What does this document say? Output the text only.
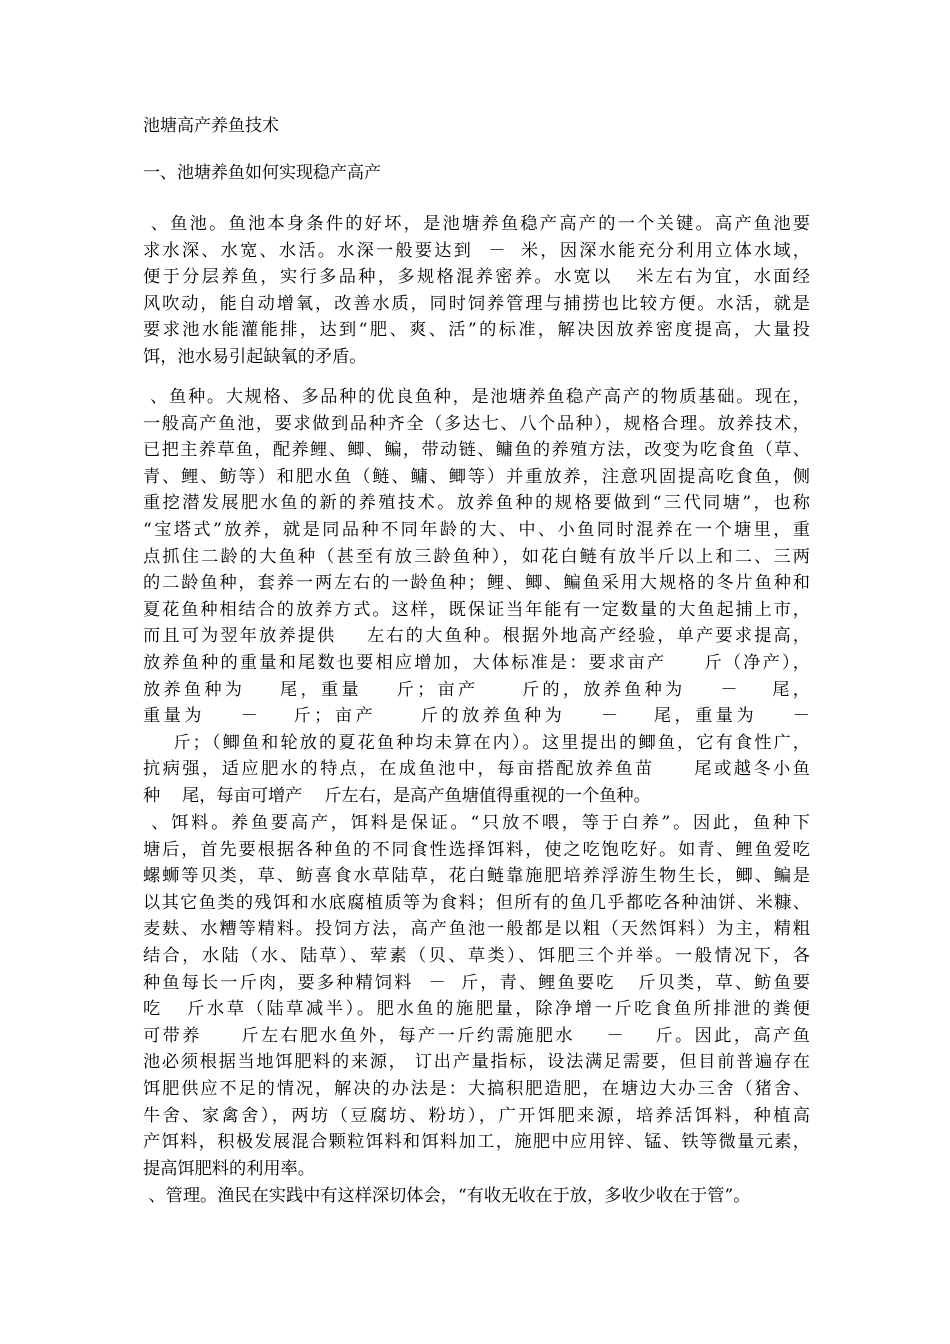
池塘高产养鱼技术
一、池塘养鱼如何实现稳产高产
、鱼池。鱼池本身条件的好坏，是池塘养鱼稳产高产的一个关键。高产鱼池要
求水深、水宽、水活。水深一般要达到  －  米，因深水能充分利用立体水域，
便于分层养鱼，实行多品种，多规格混养密养。水宽以   米左右为宜，水面经
风吹动，能自动增氧，改善水质，同时饲养管理与捕捞也比较方便。水活，就是
要求池水能灌能排，达到“肥、爽、活”的标准，解决因放养密度提高，大量投
饵，池水易引起缺氧的矛盾。
、鱼种。大规格、多品种的优良鱼种，是池塘养鱼稳产高产的物质基础。现在，
一般高产鱼池，要求做到品种齐全（多达七、八个品种），规格合理。放养技术，
已把主养草鱼，配养鲤、鲫、鳊，带动链、鳙鱼的养殖方法，改变为吃食鱼（草、
青、鲤、鲂等）和肥水鱼（鲢、鳙、鲫等）并重放养，注意巩固提高吃食鱼，侧
重挖潜发展肥水鱼的新的养殖技术。放养鱼种的规格要做到“三代同塘”，也称
“宝塔式”放养，就是同品种不同年龄的大、中、小鱼同时混养在一个塘里，重
点抓住二龄的大鱼种（甚至有放三龄鱼种），如花白鲢有放半斤以上和二、三两
的二龄鱼种，套养一两左右的一龄鱼种；鲤、鲫、鳊鱼采用大规格的冬片鱼种和
夏花鱼种相结合的放养方式。这样，既保证当年能有一定数量的大鱼起捕上市，
而且可为翌年放养提供    左右的大鱼种。根据外地高产经验，单产要求提高，
放养鱼种的重量和尾数也要相应增加，大体标准是：要求亩产     斤（净产），
放养鱼种为    尾，重量    斤；亩产     斤的，放养鱼种为    －    尾，
重量为    －    斤；亩产     斤的放养鱼种为    －    尾，重量为    －
斤；（鲫鱼和轮放的夏花鱼种均未算在内）。这里提出的鲫鱼，它有食性广，
抗病强，适应肥水的特点，在成鱼池中，每亩搭配放养鱼苗     尾或越冬小鱼
种    尾，每亩可增产    斤左右，是高产鱼塘值得重视的一个鱼种。
、饵料。养鱼要高产，饵料是保证。“只放不喂，等于白养”。因此，鱼种下
塘后，首先要根据各种鱼的不同食性选择饵料，使之吃饱吃好。如青、鲤鱼爱吃
螺蛳等贝类，草、鲂喜食水草陆草，花白鲢靠施肥培养浮游生物生长，鲫、鳊是
以其它鱼类的残饵和水底腐植质等为食料；但所有的鱼几乎都吃各种油饼、米糠、
麦麸、水糟等精料。投饲方法，高产鱼池一般都是以粗（天然饵料）为主，精粗
结合，水陆（水、陆草）、荤素（贝、草类）、饵肥三个并举。一般情况下，各
种鱼每长一斤肉，要多种精饲料  －  斤，青、鲤鱼要吃   斤贝类，草、鲂鱼要
吃   斤水草（陆草减半）。肥水鱼的施肥量，除净增一斤吃食鱼所排泄的粪便
可带养     斤左右肥水鱼外，每产一斤约需施肥水    －    斤。因此，高产鱼
池必须根据当地饵肥料的来源， 订出产量指标，设法满足需要，但目前普遍存在
饵肥供应不足的情况，解决的办法是：大搞积肥造肥，在塘边大办三舍（猪舍、
牛舍、家禽舍），两坊（豆腐坊、粉坊），广开饵肥来源，培养活饵料，种植高
产饵料，积极发展混合颗粒饵料和饵料加工，施肥中应用锌、锰、铁等微量元素，
提高饵肥料的利用率。
、管理。渔民在实践中有这样深切体会，“有收无收在于放，多收少收在于管”。
